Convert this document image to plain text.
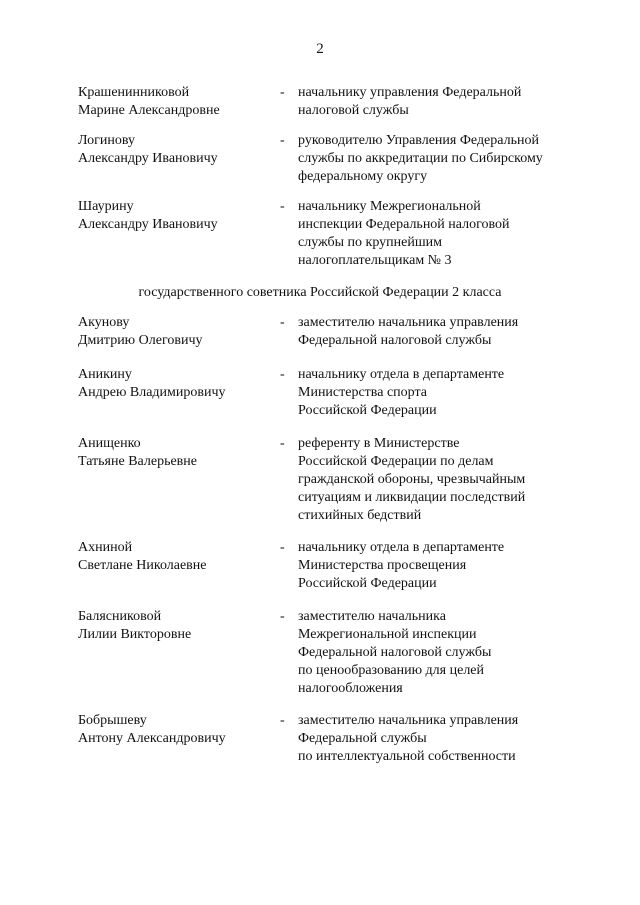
2
Крашенинниковой
Марине Александровне
- начальнику управления Федеральной
налоговой службы
Логинову
Александру Ивановичу
- руководителю Управления Федеральной
службы по аккредитации по Сибирскому
федеральному округу
Шаурину
Александру Ивановичу
- начальнику Межрегиональной
инспекции Федеральной налоговой
службы по крупнейшим
налогоплательщикам № 3
государственного советника Российской Федерации 2 класса
Акунову
Дмитрию Олеговичу
- заместителю начальника управления
Федеральной налоговой службы
Аникину
Андрею Владимировичу
- начальнику отдела в департаменте
Министерства спорта
Российской Федерации
Анищенко
Татьяне Валерьевне
- референту в Министерстве
Российской Федерации по делам
гражданской обороны, чрезвычайным
ситуациям и ликвидации последствий
стихийных бедствий
Ахниной
Светлане Николаевне
- начальнику отдела в департаменте
Министерства просвещения
Российской Федерации
Балясниковой
Лилии Викторовне
- заместителю начальника
Межрегиональной инспекции
Федеральной налоговой службы
по ценообразованию для целей
налогообложения
Бобрышеву
Антону Александровичу
- заместителю начальника управления
Федеральной службы
по интеллектуальной собственности
